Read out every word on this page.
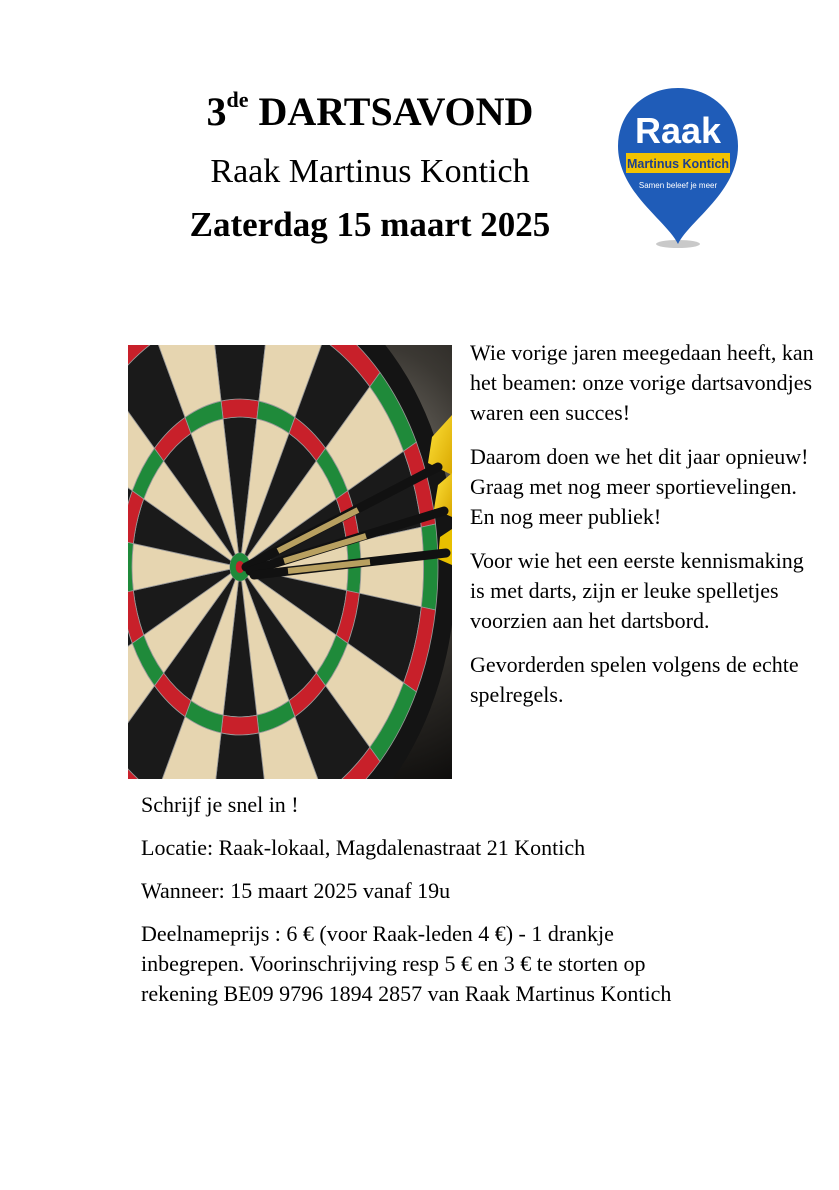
3de DARTSAVOND
Raak Martinus Kontich
Zaterdag 15 maart 2025
Raak
Martinus Kontich
Samen beleef je meer

Wie vorige jaren meegedaan heeft, kan het beamen: onze vorige dartsavondjes waren een succes!

Daarom doen we het dit jaar opnieuw!   Graag met nog meer sportievelingen.  En nog meer publiek!

Voor wie het een eerste kennismaking is met darts, zijn er leuke spelletjes voorzien aan het dartsbord.

Gevorderden spelen volgens de echte spelregels.

Schrijf je snel in !

Locatie: Raak-lokaal, Magdalenastraat 21 Kontich

Wanneer: 15 maart 2025 vanaf 19u

Deelnameprijs : 6 € (voor Raak-leden 4 €) - 1 drankje
inbegrepen. Voorinschrijving resp 5 € en 3 € te storten op
rekening BE09 9796 1894 2857 van Raak Martinus Kontich
